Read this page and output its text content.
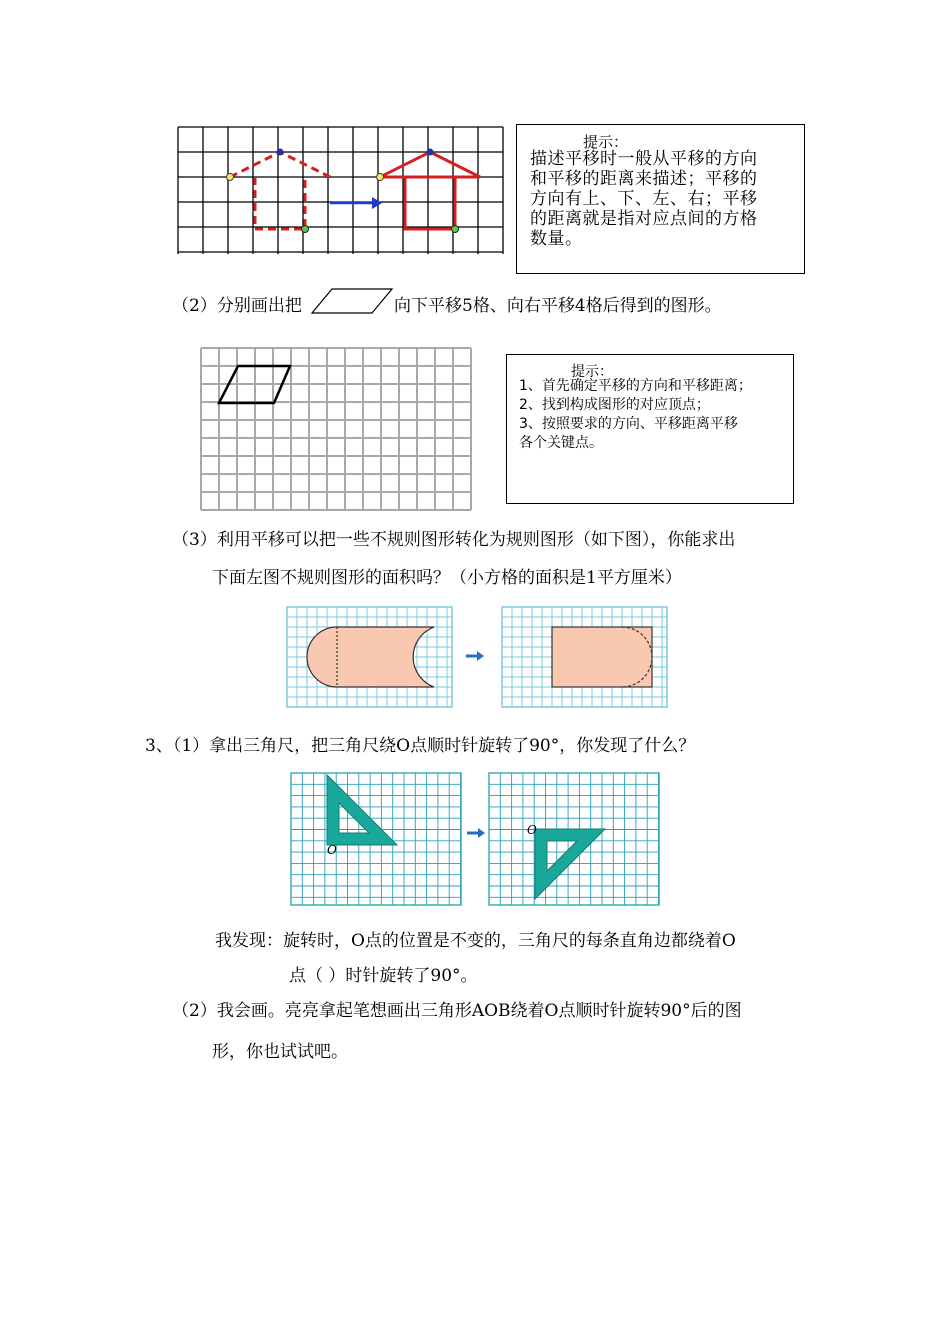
提示：
描述平移时一般从平移的方向
和平移的距离来描述；平移的
方向有上、下、左、右；平移
的距离就是指对应点间的方格
数量。
（2）分别画出把	向下平移5格、向右平移4格后得到的图形。
提示：
1、首先确定平移的方向和平移距离；
2、找到构成图形的对应顶点；
3、按照要求的方向、平移距离平移
各个关键点。
（3）利用平移可以把一些不规则图形转化为规则图形（如下图），你能求出
下面左图不规则图形的面积吗？（小方格的面积是1平方厘米）
3、（1）拿出三角尺，把三角尺绕O点顺时针旋转了90°，你发现了什么？
O
O
我发现：旋转时，O点的位置是不变的，三角尺的每条直角边都绕着O
点（ ）时针旋转了90°。
（2）我会画。亮亮拿起笔想画出三角形AOB绕着O点顺时针旋转90°后的图
形，你也试试吧。
